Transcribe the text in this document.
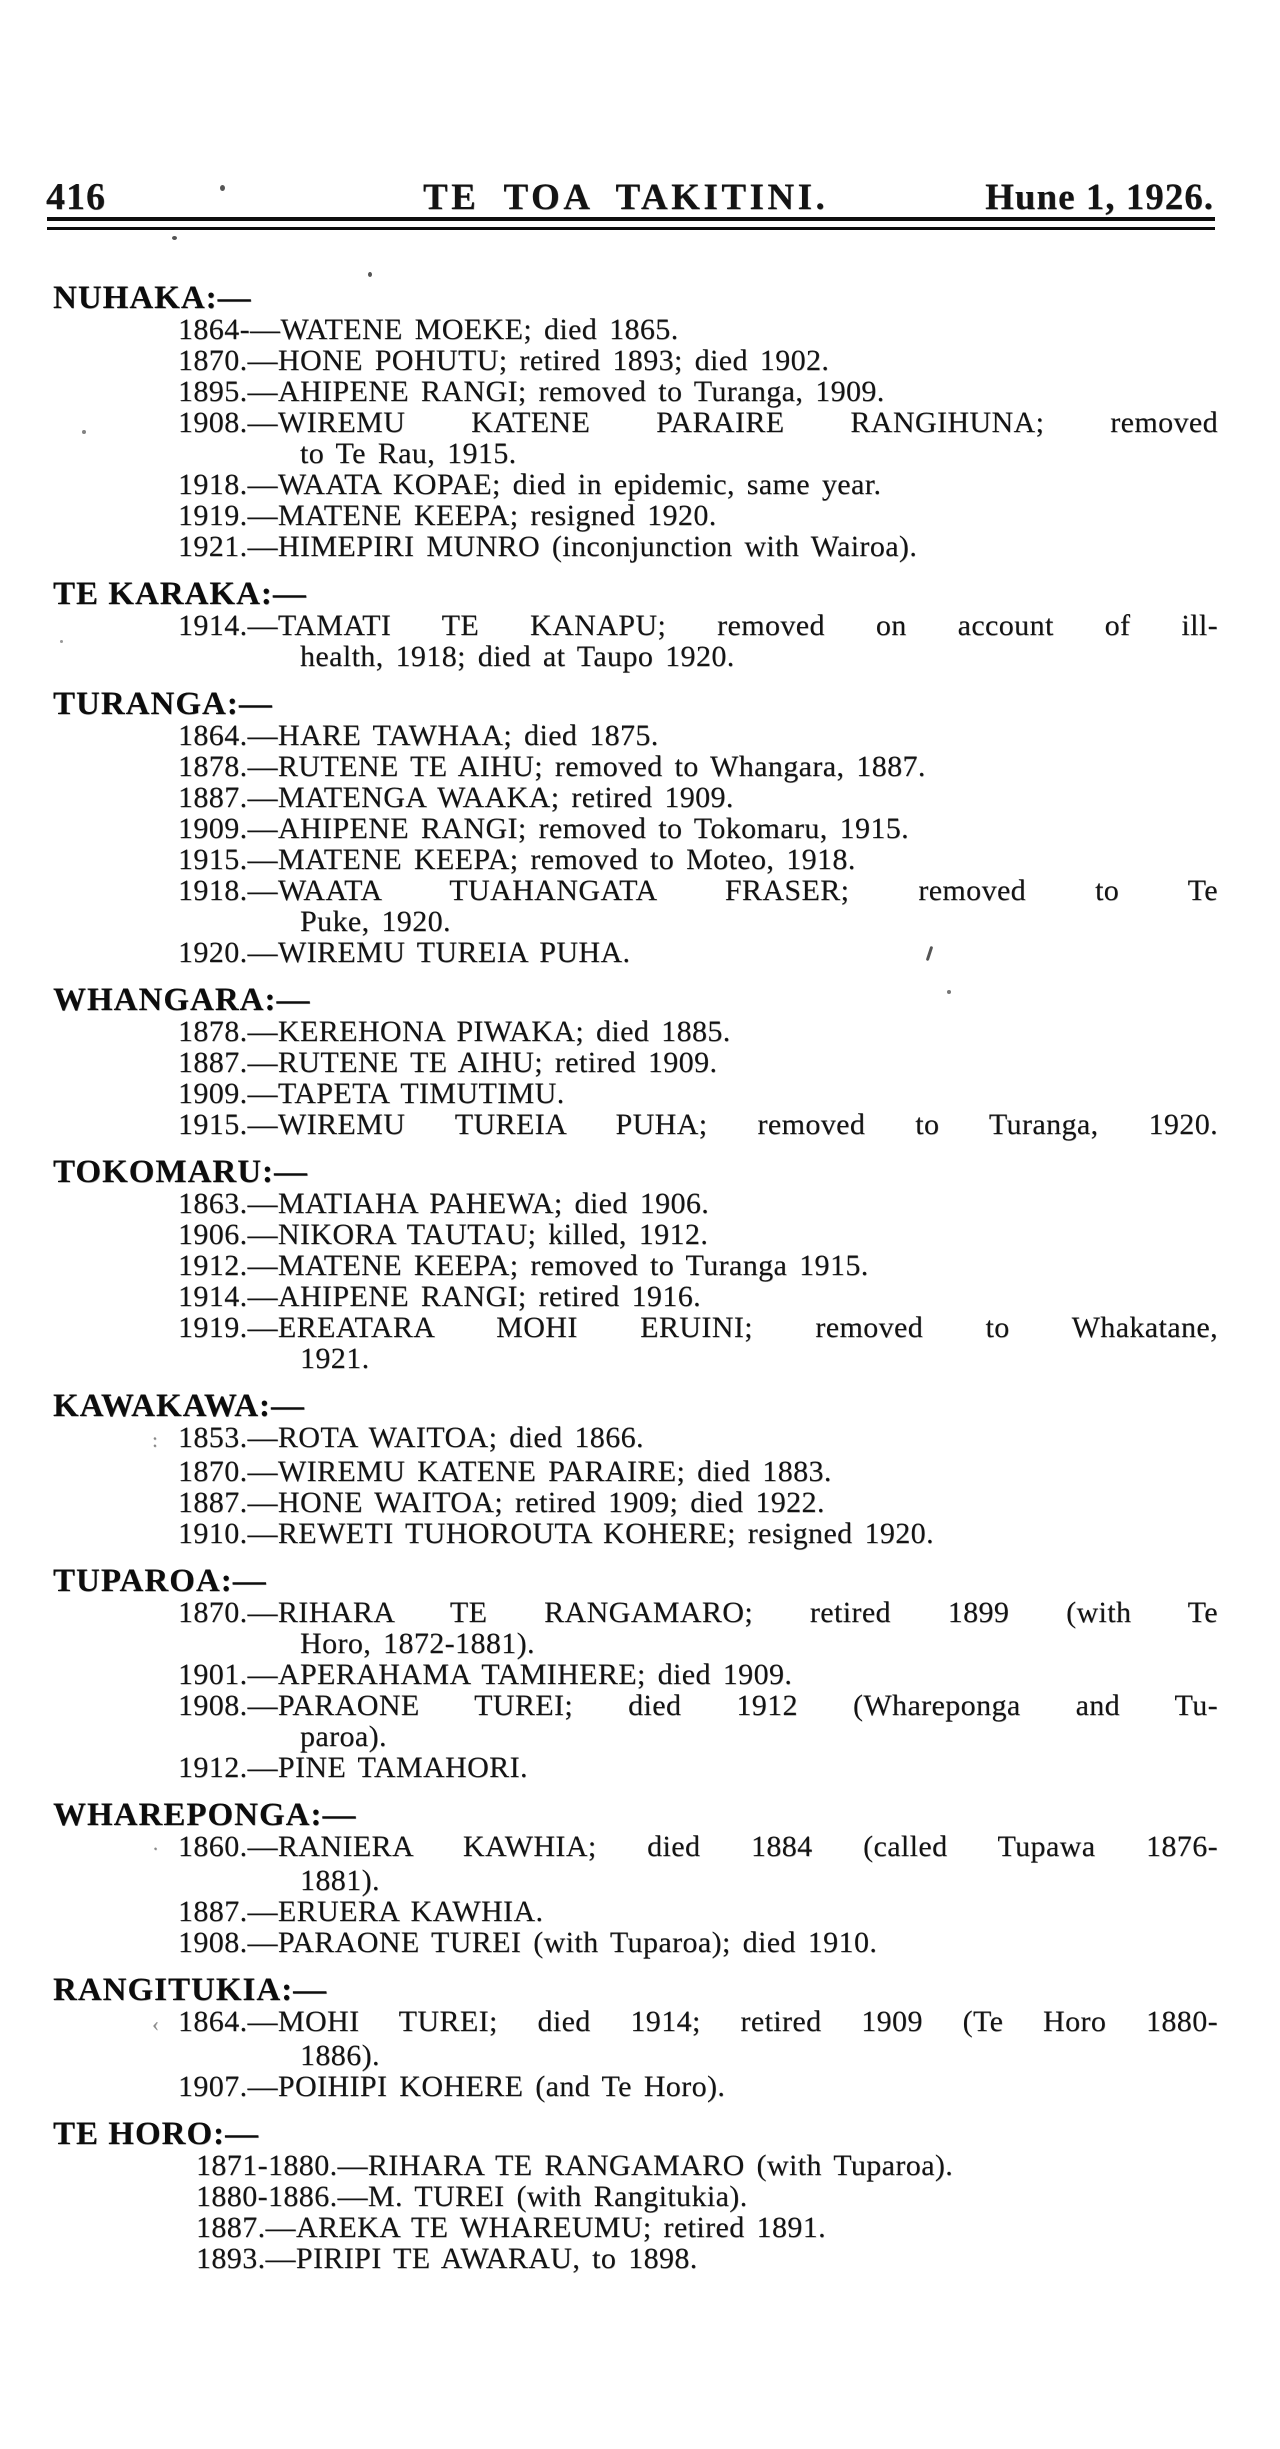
416	TE TOA TAKITINI.	Hune 1, 1926.
NUHAKA:—
1864-—WATENE MOEKE; died 1865.
1870.—HONE POHUTU; retired 1893; died 1902.
1895.—AHIPENE RANGI; removed to Turanga, 1909.
1908.—WIREMU KATENE PARAIRE RANGIHUNA; removed
to Te Rau, 1915.
1918.—WAATA KOPAE; died in epidemic, same year.
1919.—MATENE KEEPA; resigned 1920.
1921.—HIMEPIRI MUNRO (inconjunction with Wairoa).
TE KARAKA:—
1914.—TAMATI TE KANAPU; removed on account of ill-
health, 1918; died at Taupo 1920.
TURANGA:—
1864.—HARE TAWHAA; died 1875.
1878.—RUTENE TE AIHU; removed to Whangara, 1887.
1887.—MATENGA WAAKA; retired 1909.
1909.—AHIPENE RANGI; removed to Tokomaru, 1915.
1915.—MATENE KEEPA; removed to Moteo, 1918.
1918.—WAATA TUAHANGATA FRASER; removed to Te
Puke, 1920.
1920.—WIREMU TUREIA PUHA.
WHANGARA:—
1878.—KEREHONA PIWAKA; died 1885.
1887.—RUTENE TE AIHU; retired 1909.
1909.—TAPETA TIMUTIMU.
1915.—WIREMU TUREIA PUHA; removed to Turanga, 1920.
TOKOMARU:—
1863.—MATIAHA PAHEWA; died 1906.
1906.—NIKORA TAUTAU; killed, 1912.
1912.—MATENE KEEPA; removed to Turanga 1915.
1914.—AHIPENE RANGI; retired 1916.
1919.—EREATARA MOHI ERUINI; removed to Whakatane,
1921.
KAWAKAWA:—
: 1853.—ROTA WAITOA; died 1866.
1870.—WIREMU KATENE PARAIRE; died 1883.
1887.—HONE WAITOA; retired 1909; died 1922.
1910.—REWETI TUHOROUTA KOHERE; resigned 1920.
TUPAROA:—
1870.—RIHARA TE RANGAMARO; retired 1899 (with Te
Horo, 1872-1881).
1901.—APERAHAMA TAMIHERE; died 1909.
1908.—PARAONE TUREI; died 1912 (Whareponga and Tu-
paroa).
1912.—PINE TAMAHORI.
WHAREPONGA:—
· 1860.—RANIERA KAWHIA; died 1884 (called Tupawa 1876-
1881).
1887.—ERUERA KAWHIA.
1908.—PARAONE TUREI (with Tuparoa); died 1910.
RANGITUKIA:—
‹ 1864.—MOHI TUREI; died 1914; retired 1909 (Te Horo 1880-
1886).
1907.—POIHIPI KOHERE (and Te Horo).
TE HORO:—
1871-1880.—RIHARA TE RANGAMARO (with Tuparoa).
1880-1886.—M. TUREI (with Rangitukia).
1887.—AREKA TE WHAREUMU; retired 1891.
1893.—PIRIPI TE AWARAU, to 1898.
